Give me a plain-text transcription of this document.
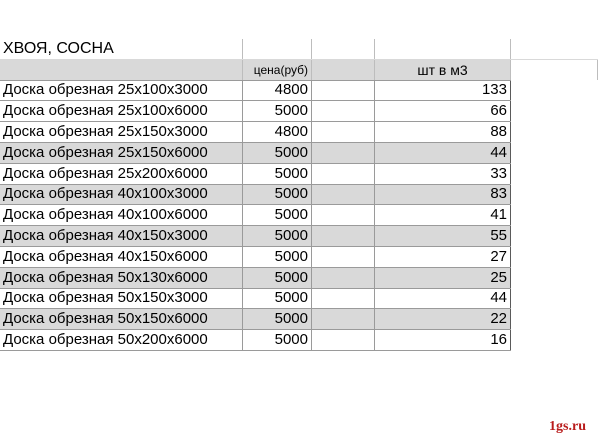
ХВОЯ, СОСНА				
	цена(руб)		шт в м3	
Доска обрезная 25х100х3000	4800		133	
Доска обрезная 25х100х6000	5000		66	
Доска обрезная 25х150х3000	4800		88	
Доска обрезная 25х150х6000	5000		44	
Доска обрезная 25х200х6000	5000		33	
Доска обрезная 40х100х3000	5000		83	
Доска обрезная 40х100х6000	5000		41	
Доска обрезная 40х150х3000	5000		55	
Доска обрезная 40х150х6000	5000		27	
Доска обрезная 50х130х6000	5000		25	
Доска обрезная 50х150х3000	5000		44	
Доска обрезная 50х150х6000	5000		22	
Доска обрезная 50х200х6000	5000		16	
1gs.ru
